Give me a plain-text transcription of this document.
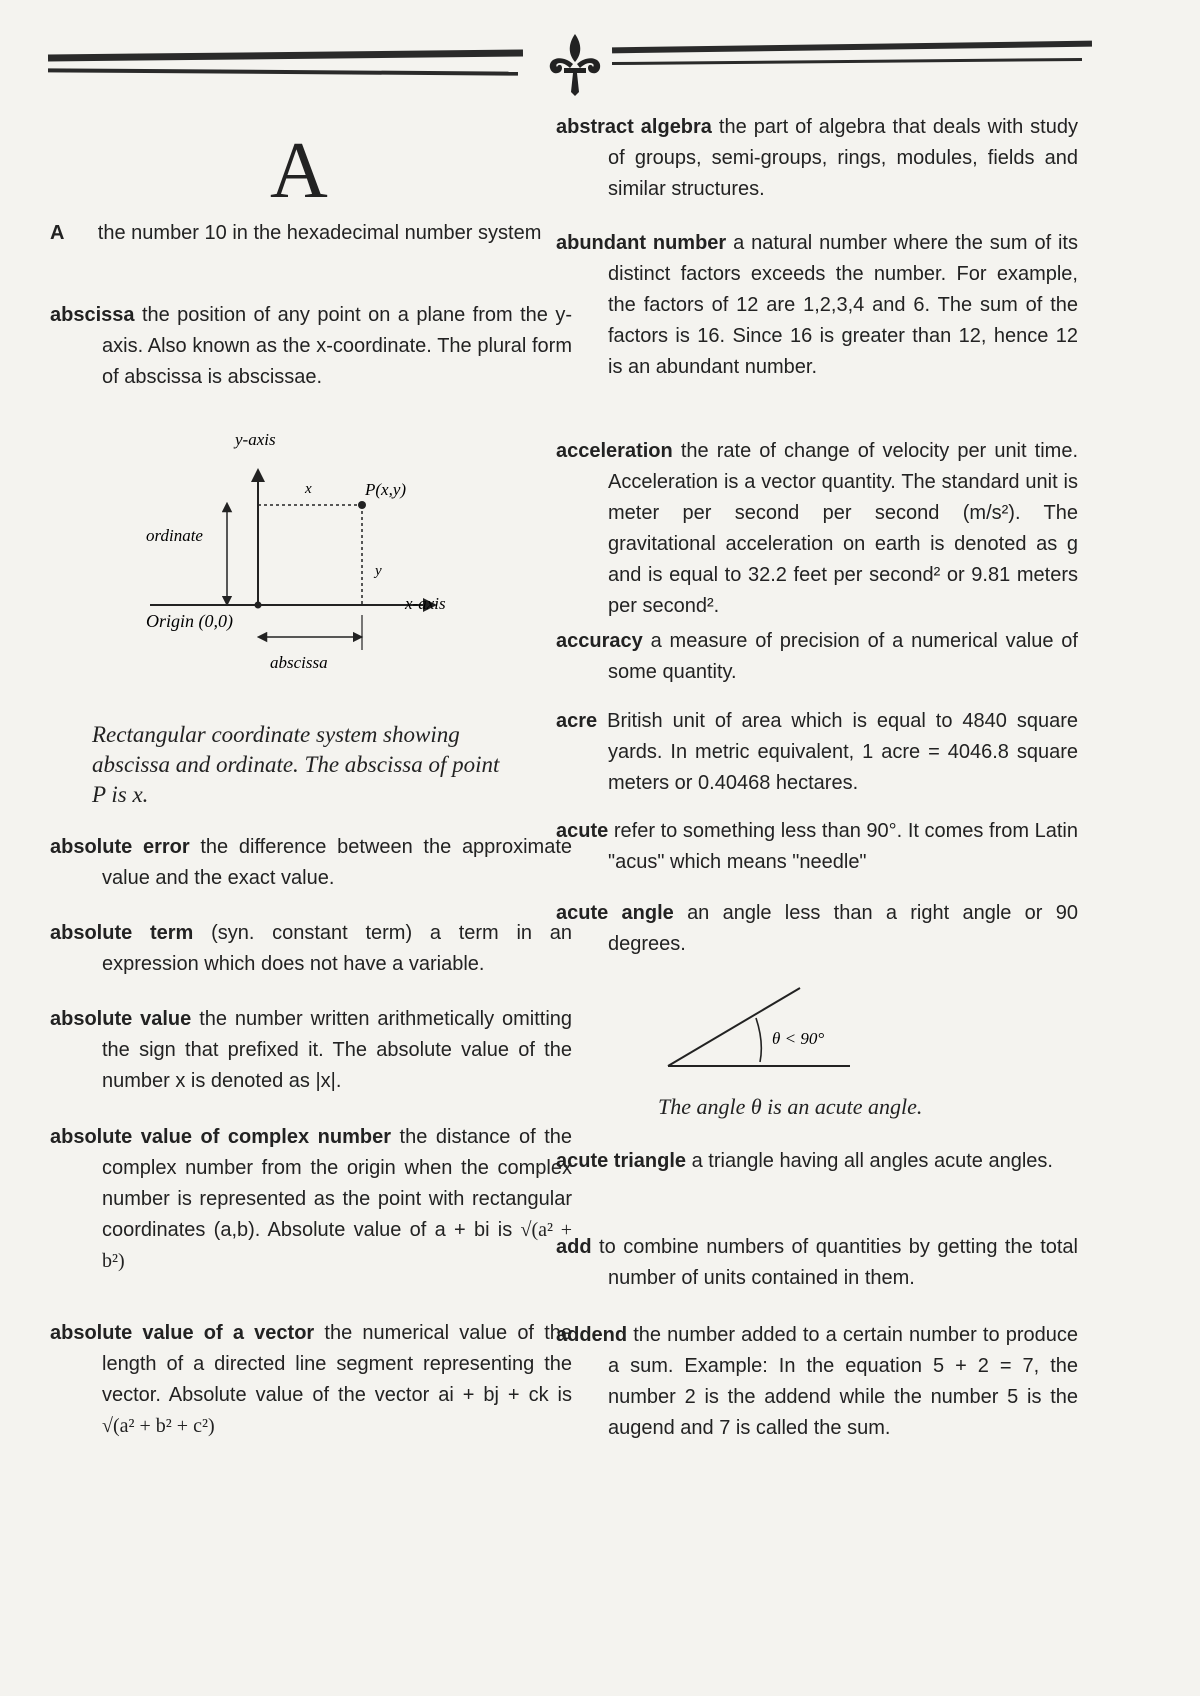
A
A the number 10 in the hexadecimal number system
abscissa the position of any point on a plane from the y-axis. Also known as the x-coordinate. The plural form of abscissa is abscissae.
y-axis
x-axis
x
y
P(x,y)
ordinate
Origin (0,0)
abscissa
Rectangular coordinate system showing abscissa and ordinate. The abscissa of point P is x.
absolute error the difference between the approximate value and the exact value.
absolute term (syn. constant term) a term in an expression which does not have a variable.
absolute value the number written arithmetically omitting the sign that prefixed it. The absolute value of the number x is denoted as |x|.
absolute value of complex number the distance of the complex number from the origin when the complex number is represented as the point with rectangular coordinates (a,b). Absolute value of a + bi is √(a² + b²)
absolute value of a vector the numerical value of the length of a directed line segment representing the vector. Absolute value of the vector ai + bj + ck is √(a² + b² + c²)
abstract algebra the part of algebra that deals with study of groups, semi-groups, rings, modules, fields and similar structures.
abundant number a natural number where the sum of its distinct factors exceeds the number. For example, the factors of 12 are 1,2,3,4 and 6. The sum of the factors is 16. Since 16 is greater than 12, hence 12 is an abundant number.
acceleration the rate of change of velocity per unit time. Acceleration is a vector quantity. The standard unit is meter per second per second (m/s²). The gravitational acceleration on earth is denoted as g and is equal to 32.2 feet per second² or 9.81 meters per second².
accuracy a measure of precision of a numerical value of some quantity.
acre British unit of area which is equal to 4840 square yards. In metric equivalent, 1 acre = 4046.8 square meters or 0.40468 hectares.
acute refer to something less than 90°. It comes from Latin "acus" which means "needle"
acute angle an angle less than a right angle or 90 degrees.
θ < 90°
The angle θ is an acute angle.
acute triangle a triangle having all angles acute angles.
add to combine numbers of quantities by getting the total number of units contained in them.
addend the number added to a certain number to produce a sum. Example: In the equation 5 + 2 = 7, the number 2 is the addend while the number 5 is the augend and 7 is called the sum.
